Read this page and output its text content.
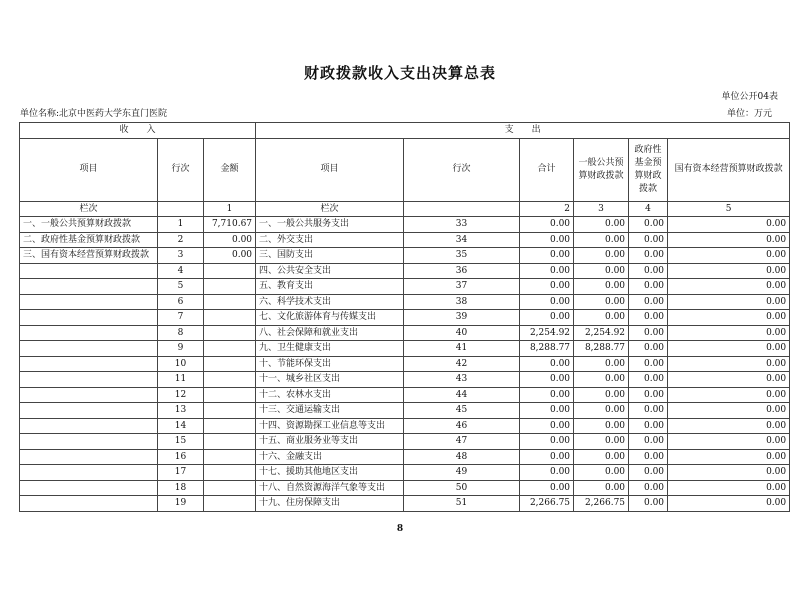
财政拨款收入支出决算总表
单位公开04表
单位名称:北京中医药大学东直门医院	单位：万元
收　　入			支　　出					
项目	行次	金额	项目	行次	合计	一般公共预算财政拨款	政府性基金预算财政拨款	国有资本经营预算财政拨款
栏次		1	栏次		2	3	4	5
一、一般公共预算财政拨款	1	7,710.67	一、一般公共服务支出	33	0.00	0.00	0.00	0.00
二、政府性基金预算财政拨款	2	0.00	二、外交支出	34	0.00	0.00	0.00	0.00
三、国有资本经营预算财政拨款	3	0.00	三、国防支出	35	0.00	0.00	0.00	0.00
	4		四、公共安全支出	36	0.00	0.00	0.00	0.00
	5		五、教育支出	37	0.00	0.00	0.00	0.00
	6		六、科学技术支出	38	0.00	0.00	0.00	0.00
	7		七、文化旅游体育与传媒支出	39	0.00	0.00	0.00	0.00
	8		八、社会保障和就业支出	40	2,254.92	2,254.92	0.00	0.00
	9		九、卫生健康支出	41	8,288.77	8,288.77	0.00	0.00
	10		十、节能环保支出	42	0.00	0.00	0.00	0.00
	11		十一、城乡社区支出	43	0.00	0.00	0.00	0.00
	12		十二、农林水支出	44	0.00	0.00	0.00	0.00
	13		十三、交通运输支出	45	0.00	0.00	0.00	0.00
	14		十四、资源勘探工业信息等支出	46	0.00	0.00	0.00	0.00
	15		十五、商业服务业等支出	47	0.00	0.00	0.00	0.00
	16		十六、金融支出	48	0.00	0.00	0.00	0.00
	17		十七、援助其他地区支出	49	0.00	0.00	0.00	0.00
	18		十八、自然资源海洋气象等支出	50	0.00	0.00	0.00	0.00
	19		十九、住房保障支出	51	2,266.75	2,266.75	0.00	0.00
8
